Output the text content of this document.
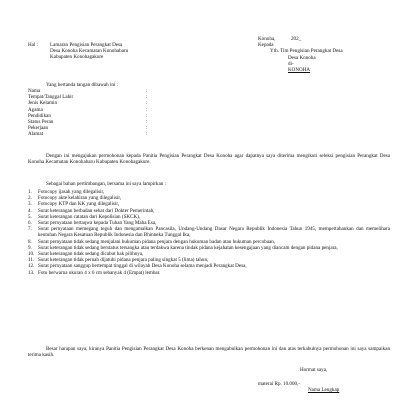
Konoha,	202_
Kepada
Yth. Tim Pengisian Perangkat Desa
Desa Konoha
di-
KONOHA
Hal :	Lamaran Pengisian Perangkat Desa
Desa Konoha Kecamatan Konohabaru
Kabupaten Konohagakure
Yang bertanda tangan dibawah ini :
Nama	:
Tempat/Tanggal Lahir	:
Jenis Kelamin	:
Agama	:
Pendidikan	:
Status Peran	:
Pekerjaan	:
Alamat	:
Dengan ini mengajukan permohonan kepada Panitia Pengisian Perangkat Desa Konoha agar dapatnya saya diterima mengikuti seleksi pengisian Perangkat Desa Konoha Kecamatan Konohabaru Kabupaten Konohagakure.
Sebagai bahan pertimbangan, bersama ini saya lampirkan :
1.	Fotocopy ijasah yang dilegalisir,
2.	Fotocopy akte kelahiran yang dilegalisir,
3.	Fotocopy KTP dan KK yang dilegalisir,
4.	Surat keterangan berbadan sehat dari Dokter Pemerintah,
5.	Surat keterangan catatan dari Kepolisian (SKCK),
6.	Surat pernyataan bertaqwa kepada Tuhan Yang Maha Esa,
7.	Surat pernyataan memegang teguh dan mengamalkan Pancasila, Undang-Undang Dasar Negara Republik Indonesia Tahun 1945, mempertahankan dan memelihara keutuhan Negara Kesatuan Republik Indonesia dan Bhinneka Tunggal Ika,
8.	Surat pernyataan tidak sedang menjalani hukuman pidana penjara dengan hukuman badan atau hukuman percobaan,
9.	Surat keterangan tidak sedang berstatus tersangka atau terdakwa karena tindak pidana kejahatan kesengajaan yang diancam dengan pidana penjara,
10. Surat keterangan tidak sedang dicabut hak pilihnya,
11. Surat keterangan tidak pernah dijatuhi pidana penjara paling singkat 5 (lima) tahun,
12. Surat pernyataan sanggup bertempat tinggal di wilayah Desa Konoha selama menjadi Perangkat Desa,
13. Foto berwarna ukuran 4 x 6 cm sebanyak 4 (Empat) lembar.
Besar harapan saya, kiranya Panitia Pengisian Perangkat Desa Konoha berkenan mengabulkan permohonan ini dan atas terkabulnya permohonan ini saya sampaikan terima kasih.
Hormat saya,
materai Rp. 10.000,-
Nama Lengkap
